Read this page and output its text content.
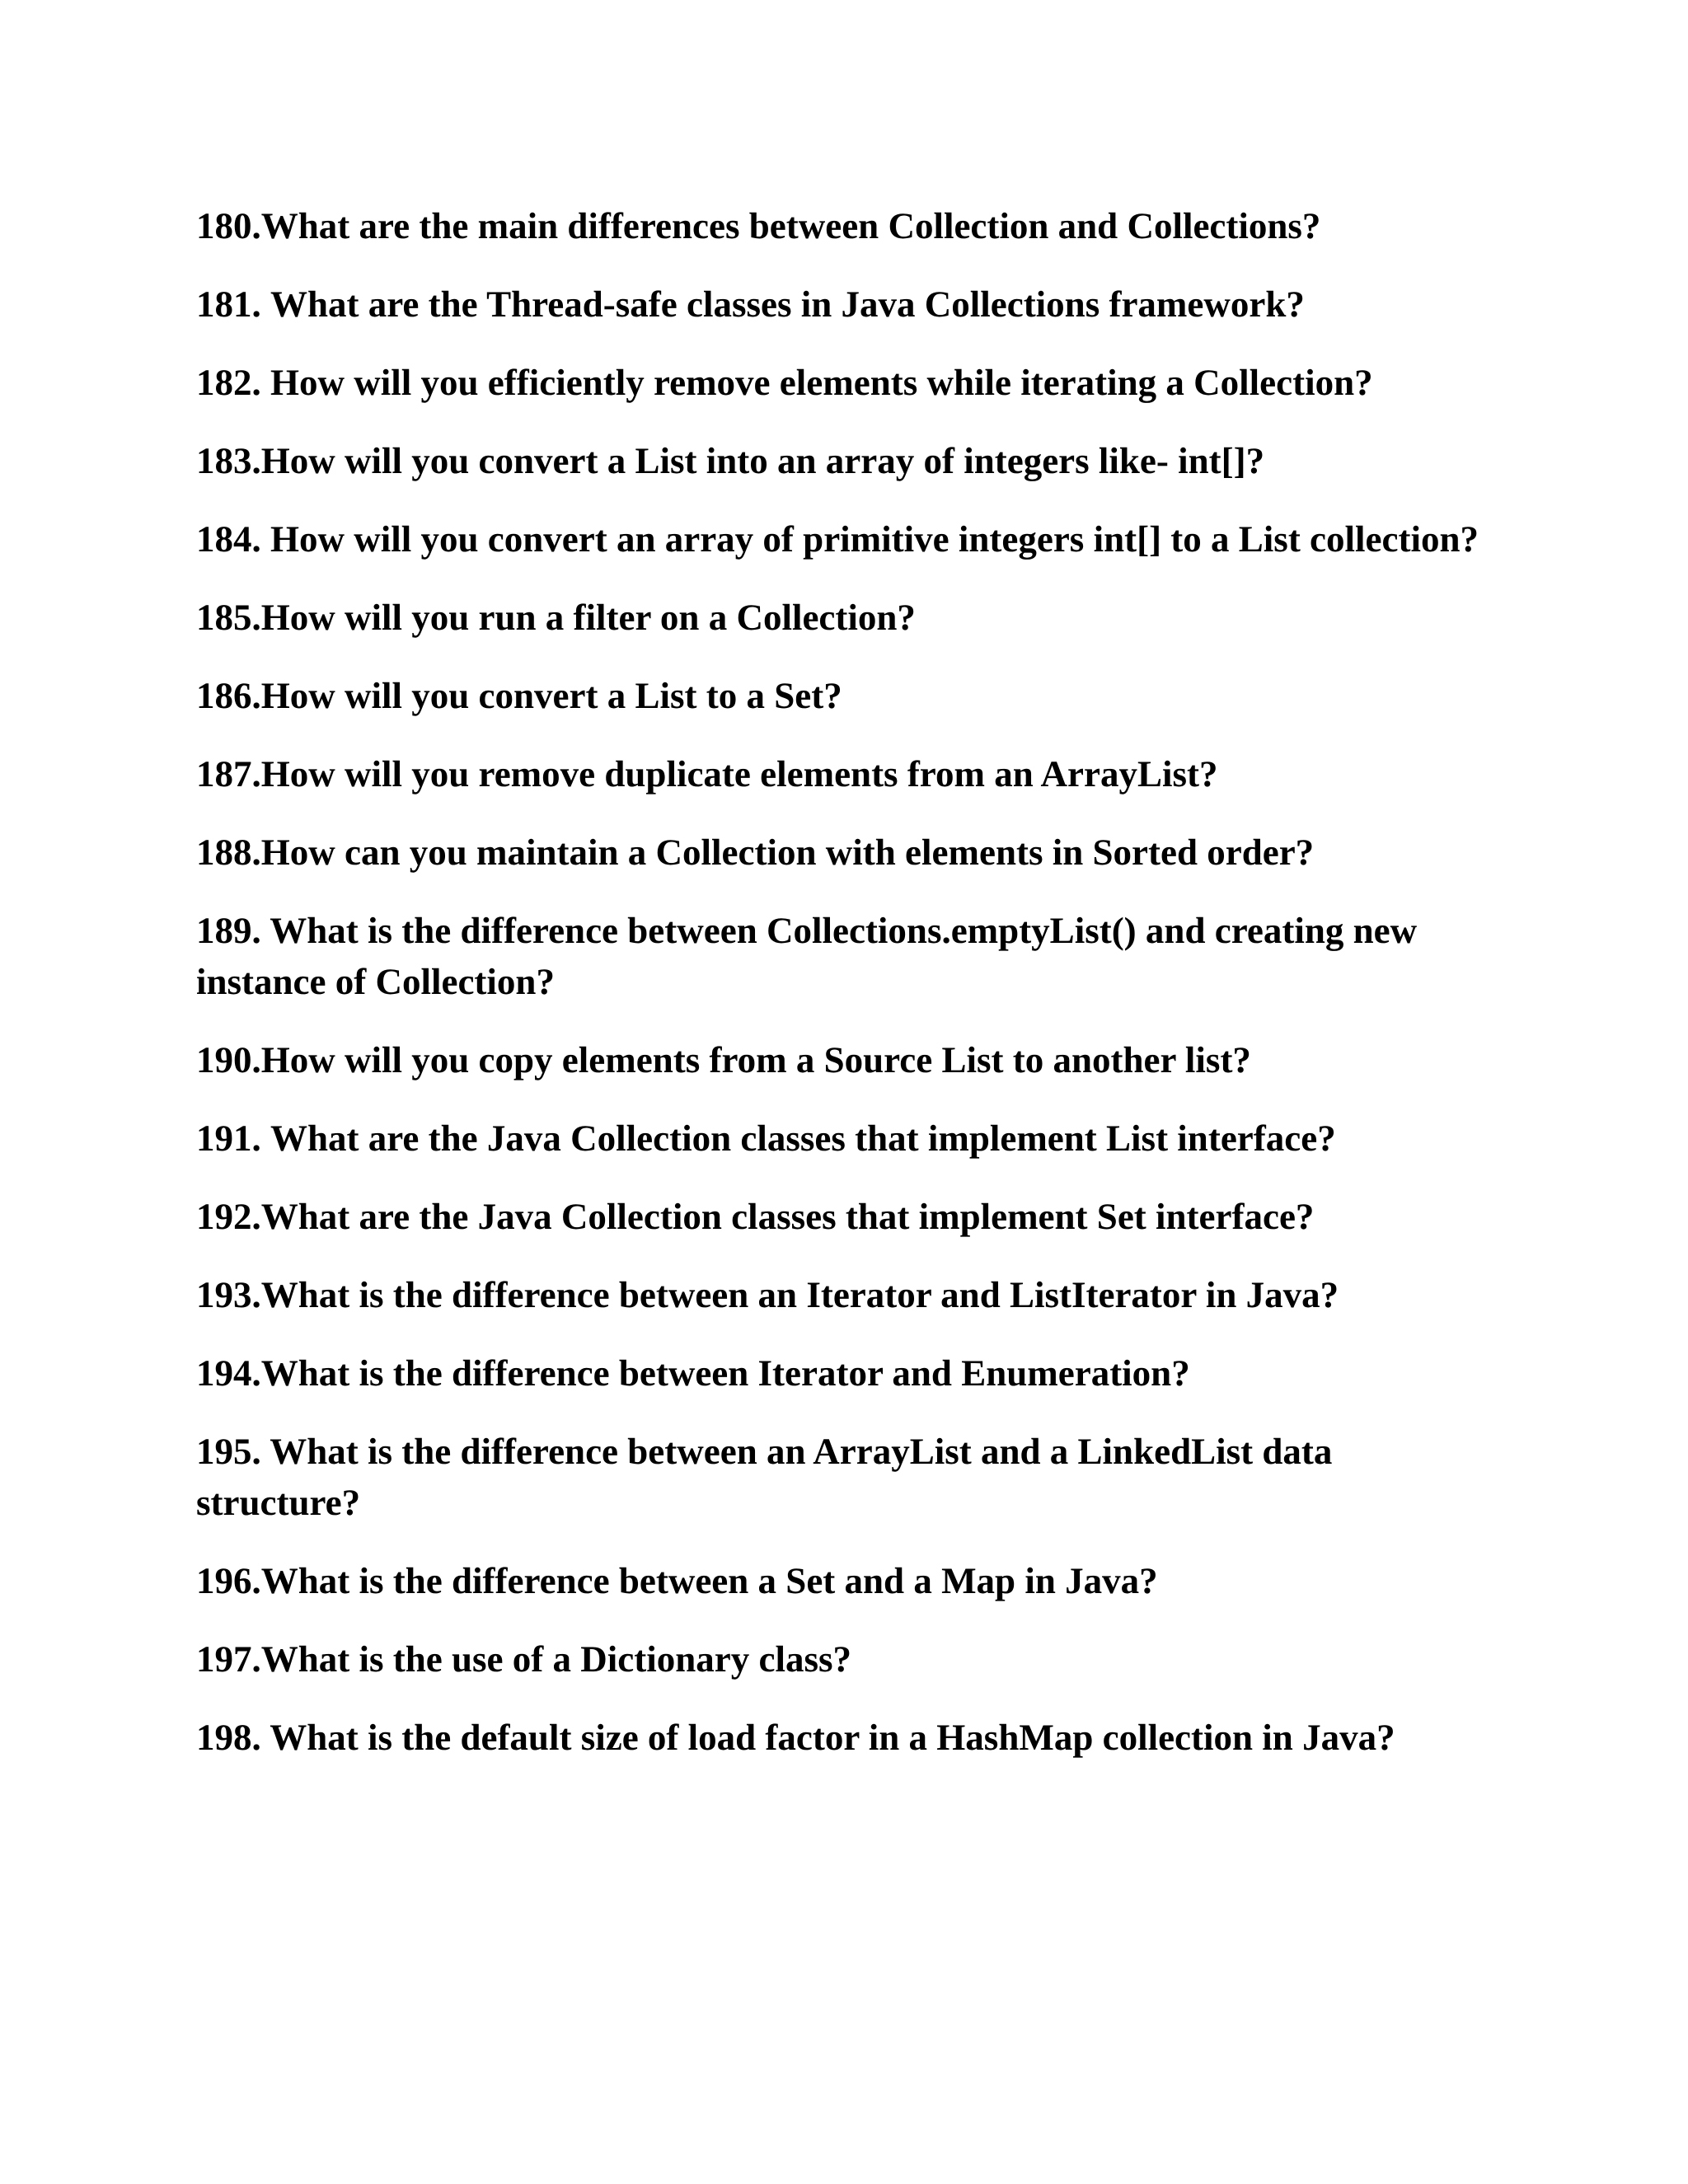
180. What are the main differences between Collection and Collections?
181. What are the Thread-safe classes in Java Collections framework?
182. How will you efficiently remove elements while iterating a Collection?
183. How will you convert a List into an array of integers like- int[]?
184. How will you convert an array of primitive integers int[] to a List collection?
185. How will you run a filter on a Collection?
186. How will you convert a List to a Set?
187. How will you remove duplicate elements from an ArrayList?
188. How can you maintain a Collection with elements in Sorted order?
189. What is the difference between Collections.emptyList() and creating new instance of Collection?
190. How will you copy elements from a Source List to another list?
191. What are the Java Collection classes that implement List interface?
192. What are the Java Collection classes that implement Set interface?
193. What is the difference between an Iterator and ListIterator in Java?
194. What is the difference between Iterator and Enumeration?
195. What is the difference between an ArrayList and a LinkedList data structure?
196. What is the difference between a Set and a Map in Java?
197. What is the use of a Dictionary class?
198. What is the default size of load factor in a HashMap collection in Java?
